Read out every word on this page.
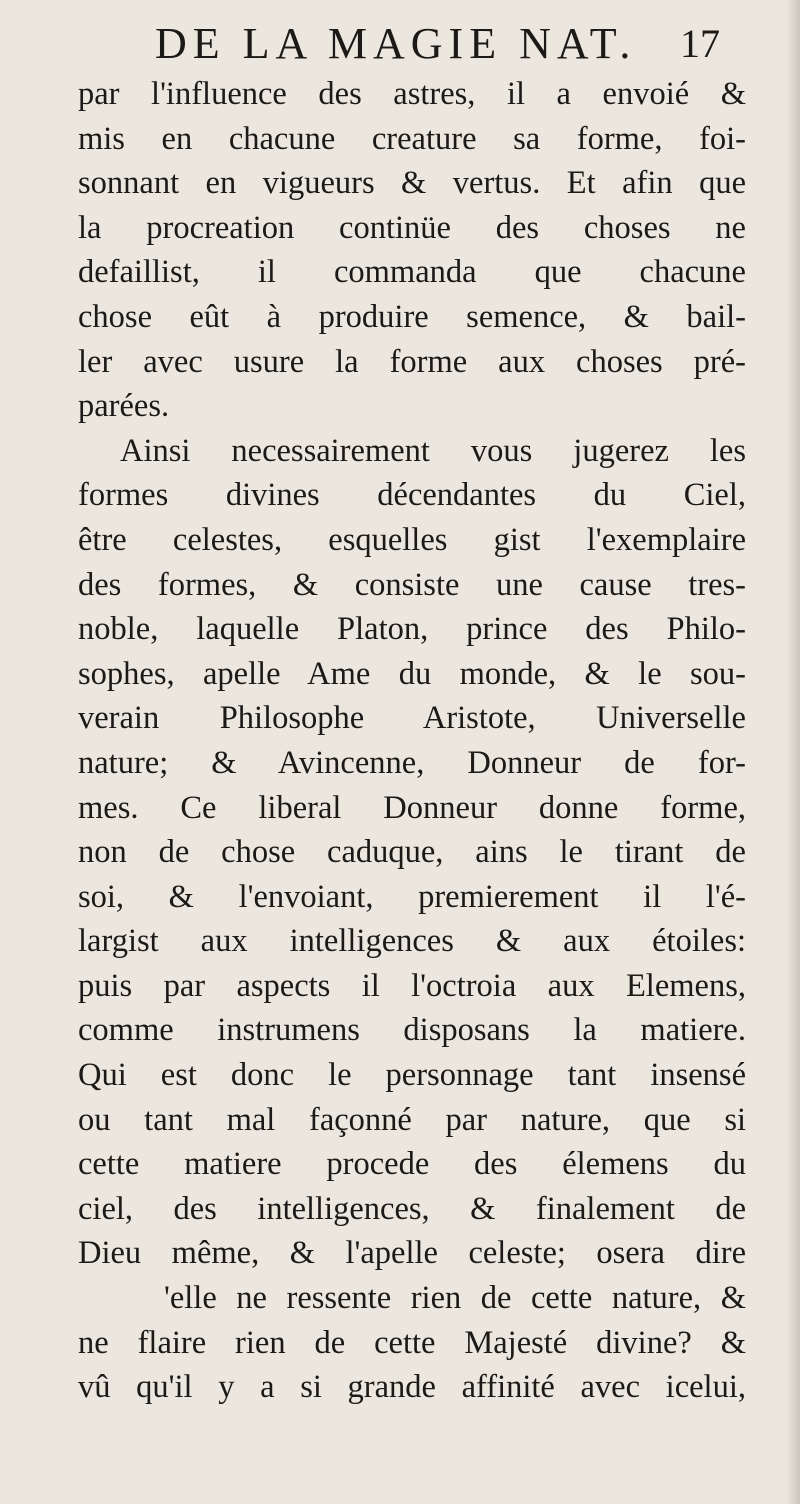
DE LA MAGIE NAT. 17
par l'influence des astres, il a envoié &
mis en chacune creature sa forme, foi-
sonnant en vigueurs & vertus. Et afin que
la procreation continüe des choses ne
defaillist, il commanda que chacune
chose eût à produire semence, & bail-
ler avec usure la forme aux choses pré-
parées.
Ainsi necessairement vous jugerez les
formes divines décendantes du Ciel,
être celestes, esquelles gist l'exemplaire
des formes, & consiste une cause tres-
noble, laquelle Platon, prince des Philo-
sophes, apelle Ame du monde, & le sou-
verain Philosophe Aristote, Universelle
nature; & Avincenne, Donneur de for-
mes. Ce liberal Donneur donne forme,
non de chose caduque, ains le tirant de
soi, & l'envoiant, premierement il l'é-
largist aux intelligences & aux étoiles:
puis par aspects il l'octroia aux Elemens,
comme instrumens disposans la matiere.
Qui est donc le personnage tant insensé
ou tant mal façonné par nature, que si
cette matiere procede des élemens du
ciel, des intelligences, & finalement de
Dieu même, & l'apelle celeste; osera dire
'elle ne ressente rien de cette nature, &
ne flaire rien de cette Majesté divine? &
vû qu'il y a si grande affinité avec icelui,
